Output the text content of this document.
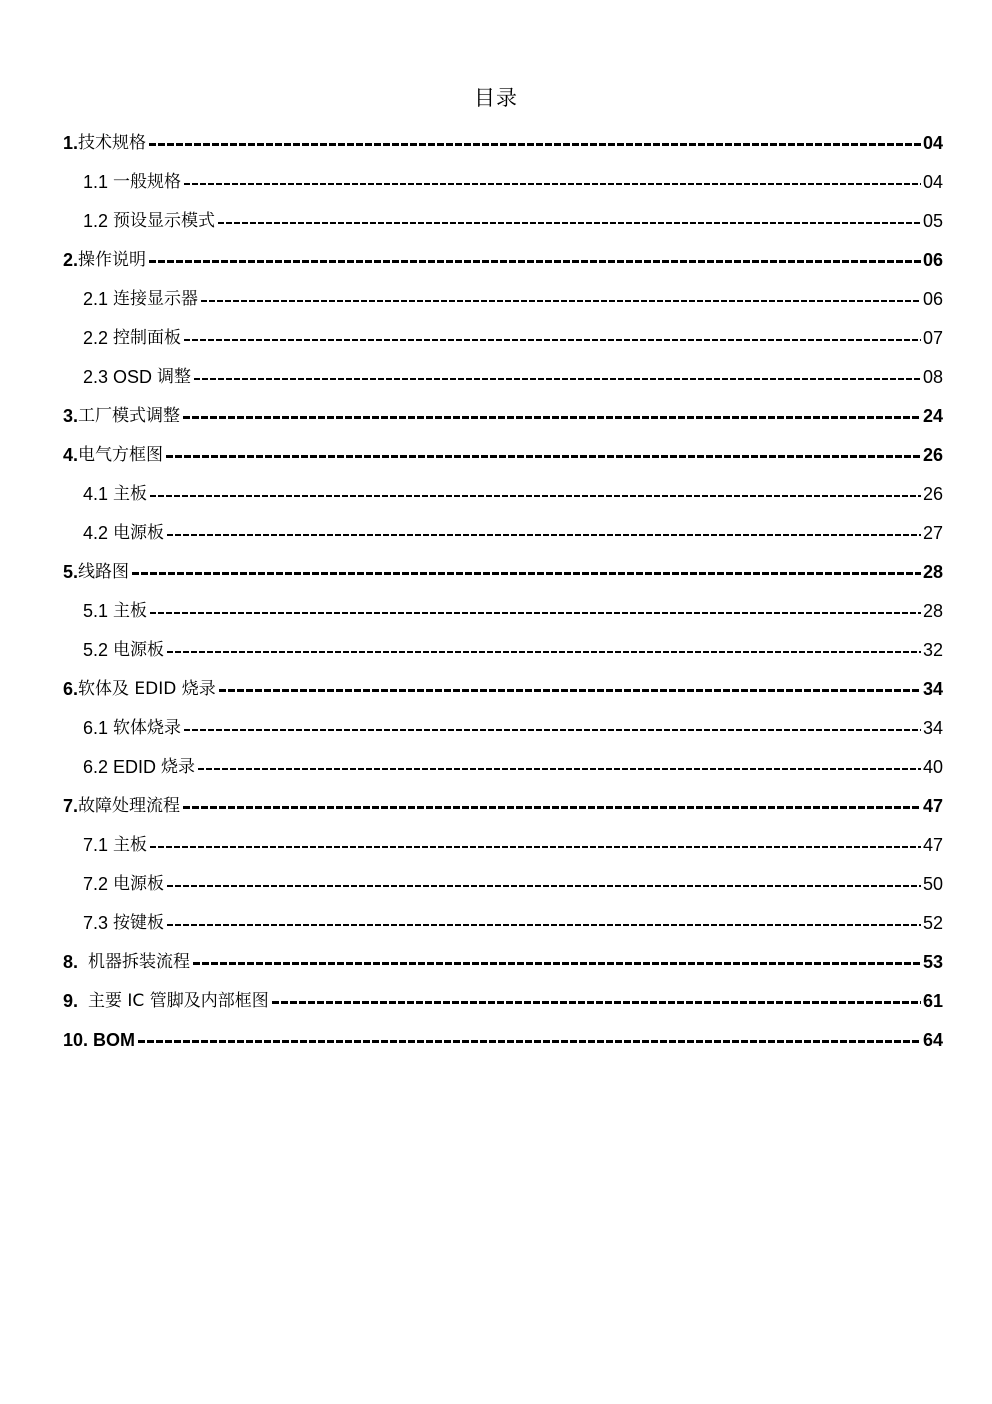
目录
1. 技术规格	04
1.1 一般规格	04
1.2 预设显示模式	05
2. 操作说明	06
2.1 连接显示器	06
2.2 控制面板	07
2.3 OSD 调整	08
3. 工厂模式调整	24
4. 电气方框图	26
4.1 主板	26
4.2 电源板	27
5. 线路图	28
5.1 主板	28
5.2 电源板	32
6. 软体及 EDID 烧录	34
6.1 软体烧录	34
6.2 EDID 烧录	40
7. 故障处理流程	47
7.1 主板	47
7.2 电源板	50
7.3 按键板	52
8. 机器拆装流程	53
9. 主要 IC 管脚及内部框图	61
10. BOM	64
